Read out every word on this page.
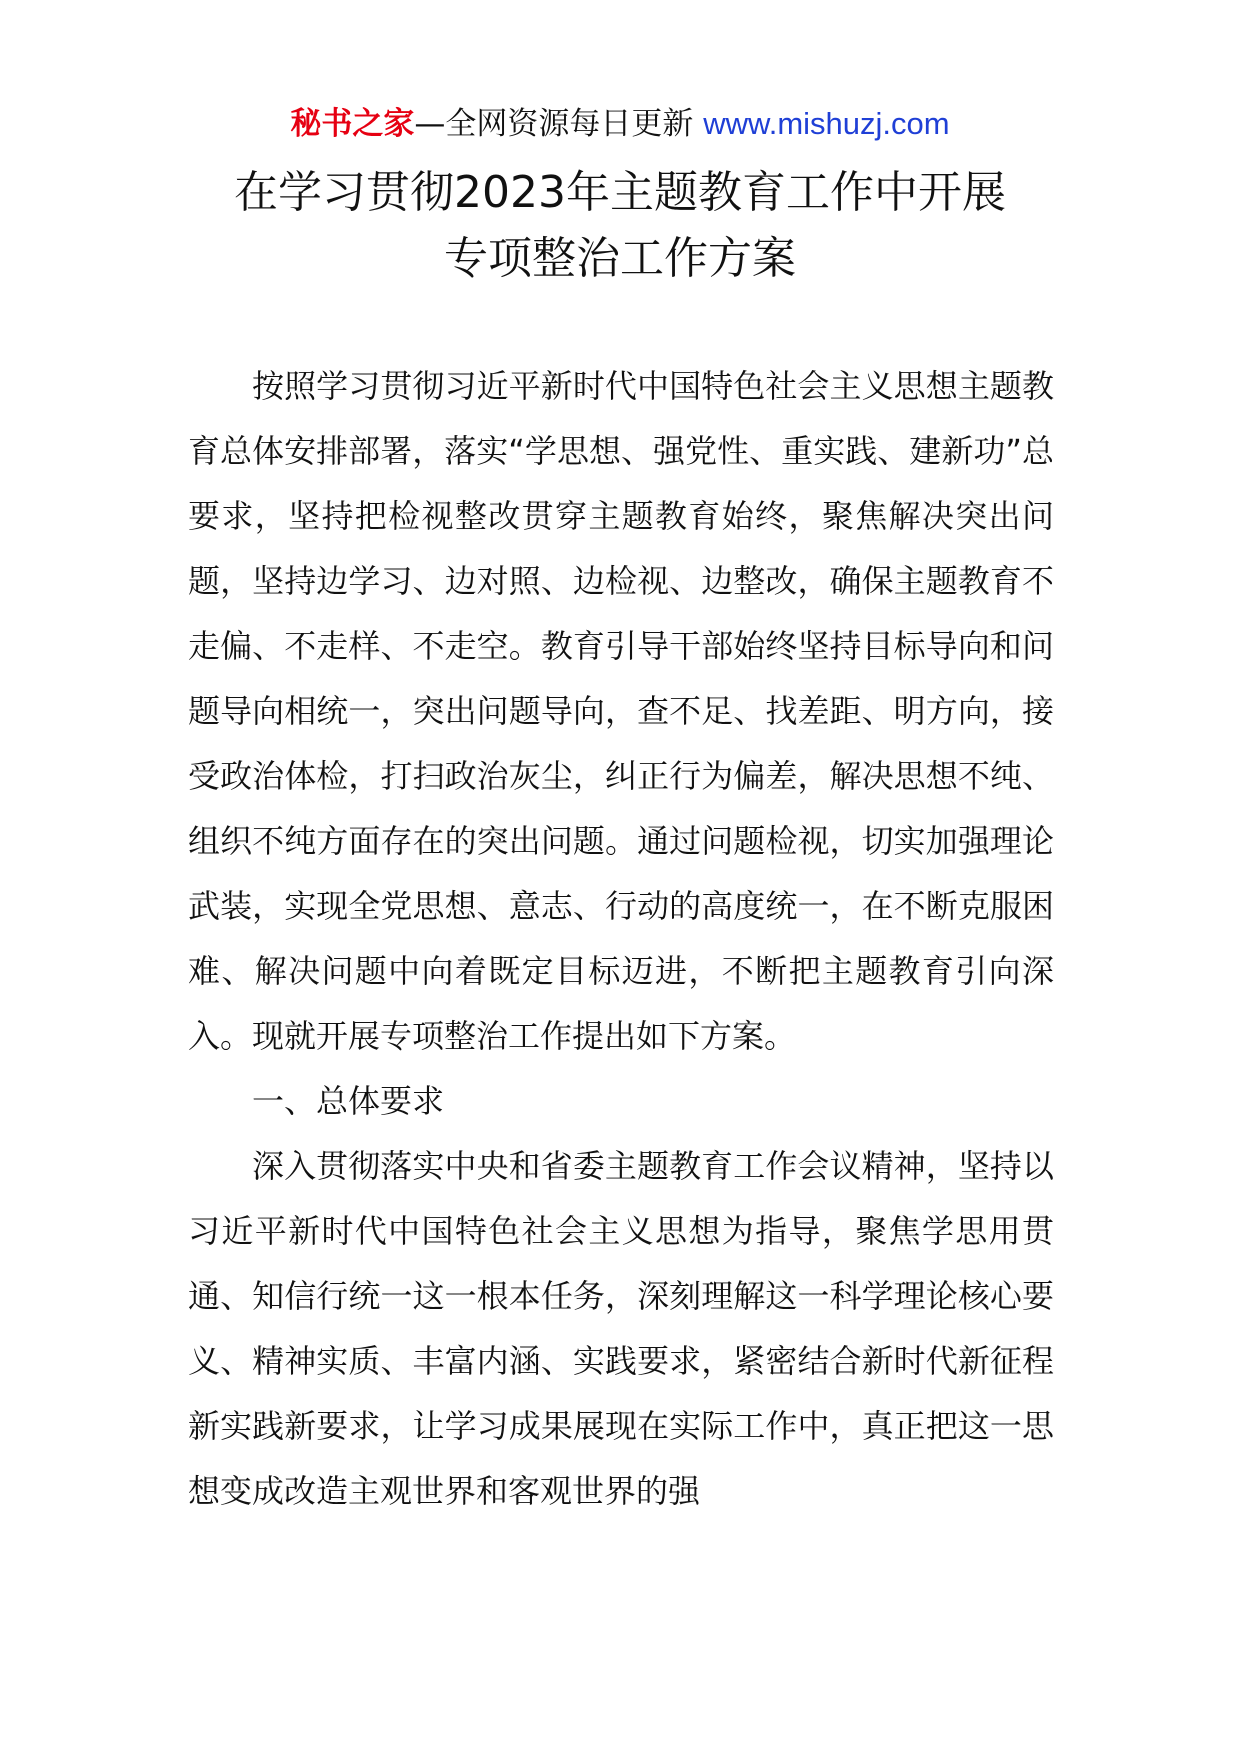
秘书之家—全网资源每日更新 www.mishuzj.com
在学习贯彻2023年主题教育工作中开展
专项整治工作方案

按照学习贯彻习近平新时代中国特色社会主义思想主题教育总体安排部署，落实“学思想、强党性、重实践、建新功”总要求，坚持把检视整改贯穿主题教育始终，聚焦解决突出问题，坚持边学习、边对照、边检视、边整改，确保主题教育不走偏、不走样、不走空。教育引导干部始终坚持目标导向和问题导向相统一，突出问题导向，查不足、找差距、明方向，接受政治体检，打扫政治灰尘，纠正行为偏差，解决思想不纯、组织不纯方面存在的突出问题。通过问题检视，切实加强理论武装，实现全党思想、意志、行动的高度统一，在不断克服困难、解决问题中向着既定目标迈进，不断把主题教育引向深入。现就开展专项整治工作提出如下方案。

一、总体要求

深入贯彻落实中央和省委主题教育工作会议精神，坚持以习近平新时代中国特色社会主义思想为指导，聚焦学思用贯通、知信行统一这一根本任务，深刻理解这一科学理论核心要义、精神实质、丰富内涵、实践要求，紧密结合新时代新征程新实践新要求，让学习成果展现在实际工作中，真正把这一思想变成改造主观世界和客观世界的强
